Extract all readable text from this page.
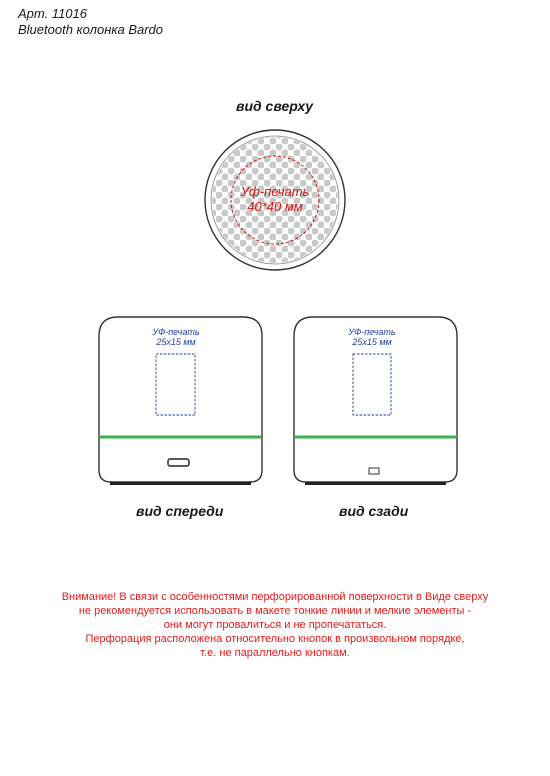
Арт. 11016
Bluetooth колонка Bardo
вид сверху
Уф-печать
40*40 мм
УФ-печать
25x15 мм
УФ-печать
25x15 мм
вид спереди	вид сзади
Внимание! В связи с особенностями перфорированной поверхности в Виде сверху
не рекомендуется использовать в макете тонкие линии и мелкие элементы -
они могут провалиться и не пропечататься.
Перфорация расположена относительно кнопок в произвольном порядке,
т.е. не параллельно кнопкам.
